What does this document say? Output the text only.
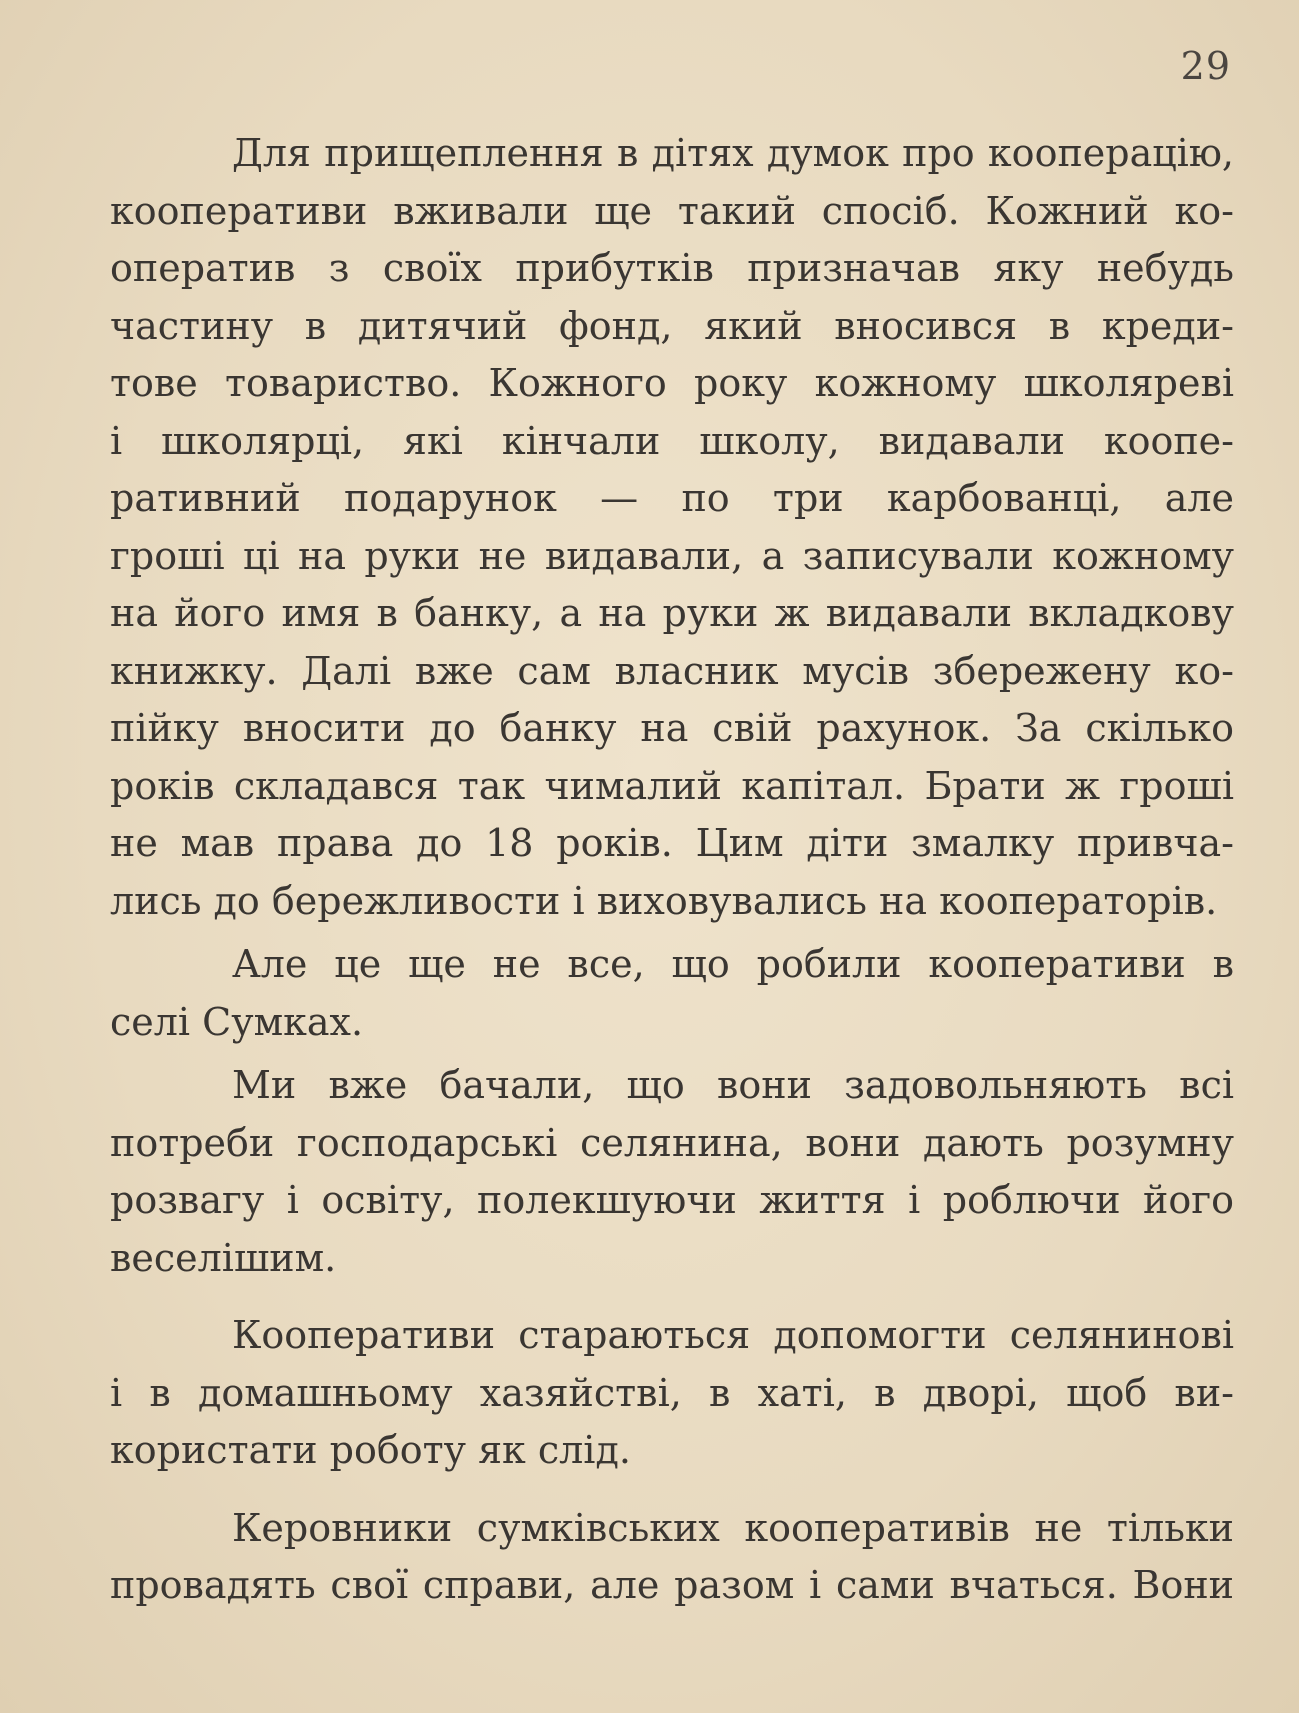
29
Для прищеплення в дітях думок про кооперацію,
кооперативи вживали ще такий спосіб. Кожний ко-
оператив з своїх прибутків призначав яку небудь
частину в дитячий фонд, який вносився в креди-
тове товариство. Кожного року кожному школяреві
і школярці, які кінчали школу, видавали коопе-
ративний подарунок — по три карбованці, але
гроші ці на руки не видавали, а записували кожному
на його имя в банку, а на руки ж видавали вкладкову
книжку. Далі вже сам власник мусів збережену ко-
пійку вносити до банку на свій рахунок. За скілько
років складався так чималий капітал. Брати ж гроші
не мав права до 18 років. Цим діти змалку привча-
лись до бережливости і виховувались на кооператорів.
Але це ще не все, що робили кооперативи в
селі Сумках.
Ми вже бачали, що вони задовольняють всі
потреби господарські селянина, вони дають розумну
розвагу і освіту, полекшуючи життя і роблючи його
веселішим.
Кооперативи стараються допомогти селянинові
і в домашньому хазяйстві, в хаті, в дворі, щоб ви-
користати роботу як слід.
Керовники сумківських кооперативів не тільки
провадять свої справи, але разом і сами вчаться. Вони
